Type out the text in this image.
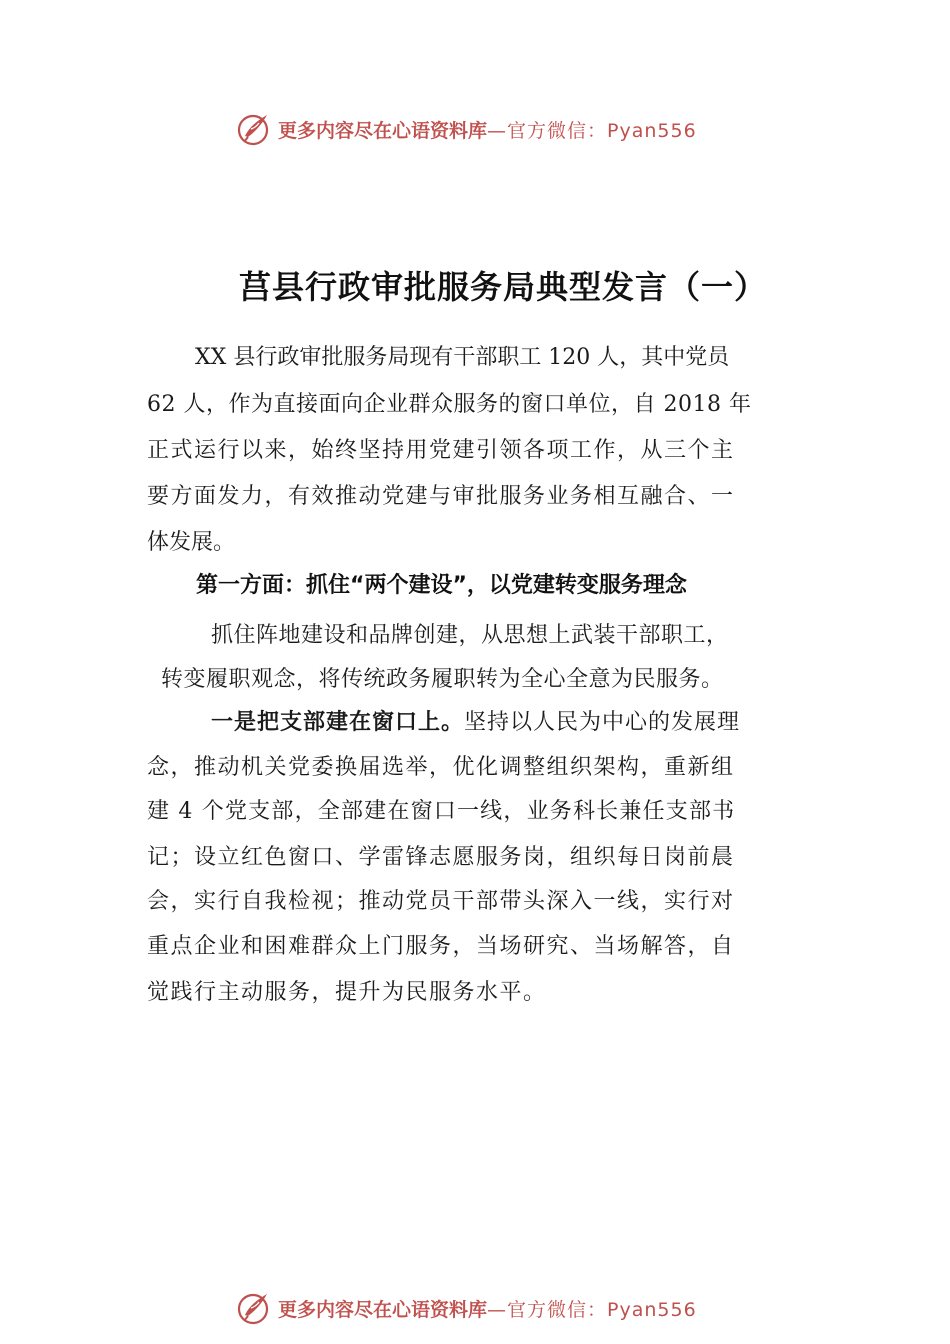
更多内容尽在心语资料库 —官方微信：Pyan556
莒县行政审批服务局典型发言（一）
XX 县行政审批服务局现有干部职工 120 人，其中党员
62 人，作为直接面向企业群众服务的窗口单位，自 2018 年
正式运行以来，始终坚持用党建引领各项工作，从三个主
要方面发力，有效推动党建与审批服务业务相互融合、一
体发展。
第一方面：抓住“两个建设”，以党建转变服务理念
抓住阵地建设和品牌创建，从思想上武装干部职工，
转变履职观念，将传统政务履职转为全心全意为民服务。
一是把支部建在窗口上。坚持以人民为中心的发展理
念，推动机关党委换届选举，优化调整组织架构，重新组
建 4 个党支部，全部建在窗口一线，业务科长兼任支部书
记；设立红色窗口、学雷锋志愿服务岗，组织每日岗前晨
会，实行自我检视；推动党员干部带头深入一线，实行对
重点企业和困难群众上门服务，当场研究、当场解答，自
觉践行主动服务，提升为民服务水平。
更多内容尽在心语资料库 —官方微信：Pyan556
